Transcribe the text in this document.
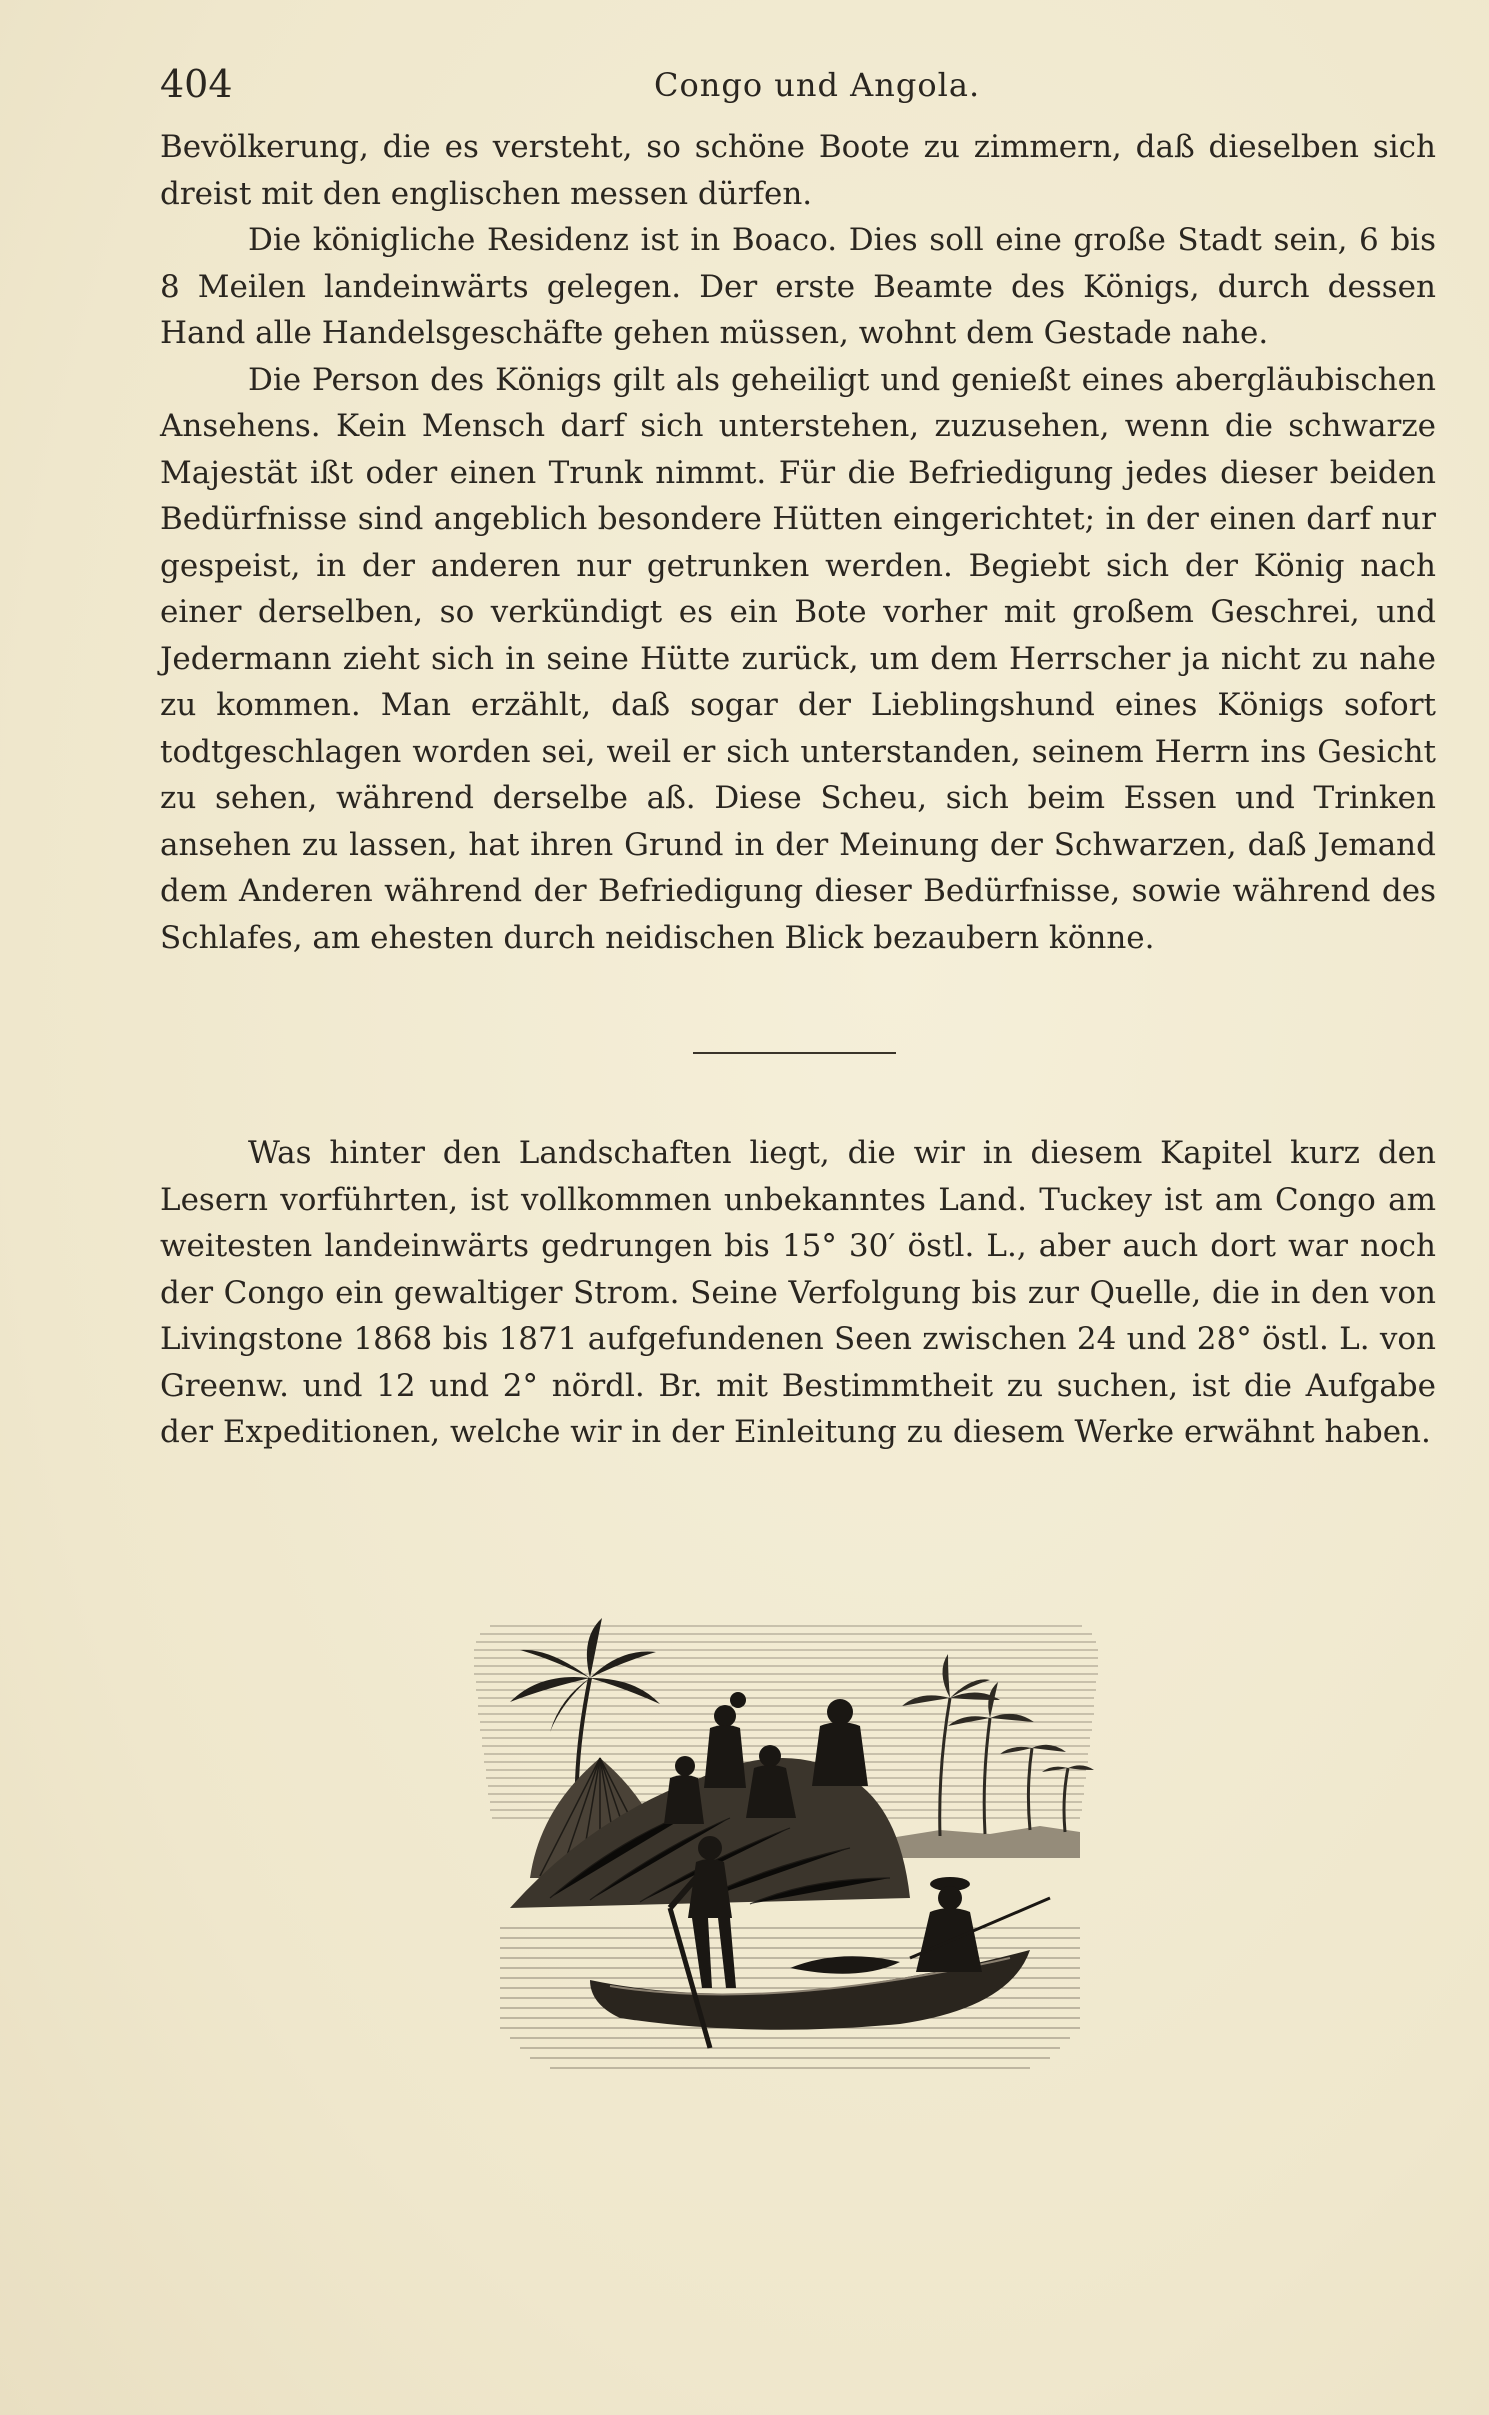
404	Congo und Angola.

Bevölkerung, die es versteht, so schöne Boote zu zimmern, daß dieselben sich dreist mit den englischen messen dürfen.

Die königliche Residenz ist in Boaco. Dies soll eine große Stadt sein, 6 bis 8 Meilen landeinwärts gelegen. Der erste Beamte des Königs, durch dessen Hand alle Handelsgeschäfte gehen müssen, wohnt dem Gestade nahe.

Die Person des Königs gilt als geheiligt und genießt eines abergläubischen Ansehens. Kein Mensch darf sich unterstehen, zuzusehen, wenn die schwarze Majestät ißt oder einen Trunk nimmt. Für die Befriedigung jedes dieser beiden Bedürfnisse sind angeblich besondere Hütten eingerichtet; in der einen darf nur gespeist, in der anderen nur getrunken werden. Begiebt sich der König nach einer derselben, so verkündigt es ein Bote vorher mit großem Geschrei, und Jedermann zieht sich in seine Hütte zurück, um dem Herrscher ja nicht zu nahe zu kommen. Man erzählt, daß sogar der Lieblingshund eines Königs sofort todtgeschlagen worden sei, weil er sich unterstanden, seinem Herrn ins Gesicht zu sehen, während derselbe aß. Diese Scheu, sich beim Essen und Trinken ansehen zu lassen, hat ihren Grund in der Meinung der Schwarzen, daß Jemand dem Anderen während der Befriedigung dieser Bedürfnisse, sowie während des Schlafes, am ehesten durch neidischen Blick bezaubern könne.

Was hinter den Landschaften liegt, die wir in diesem Kapitel kurz den Lesern vorführten, ist vollkommen unbekanntes Land. Tuckey ist am Congo am weitesten landeinwärts gedrungen bis 15° 30′ östl. L., aber auch dort war noch der Congo ein gewaltiger Strom. Seine Verfolgung bis zur Quelle, die in den von Livingstone 1868 bis 1871 aufgefundenen Seen zwischen 24 und 28° östl. L. von Greenw. und 12 und 2° nördl. Br. mit Bestimmtheit zu suchen, ist die Aufgabe der Expeditionen, welche wir in der Einleitung zu diesem Werke erwähnt haben.
